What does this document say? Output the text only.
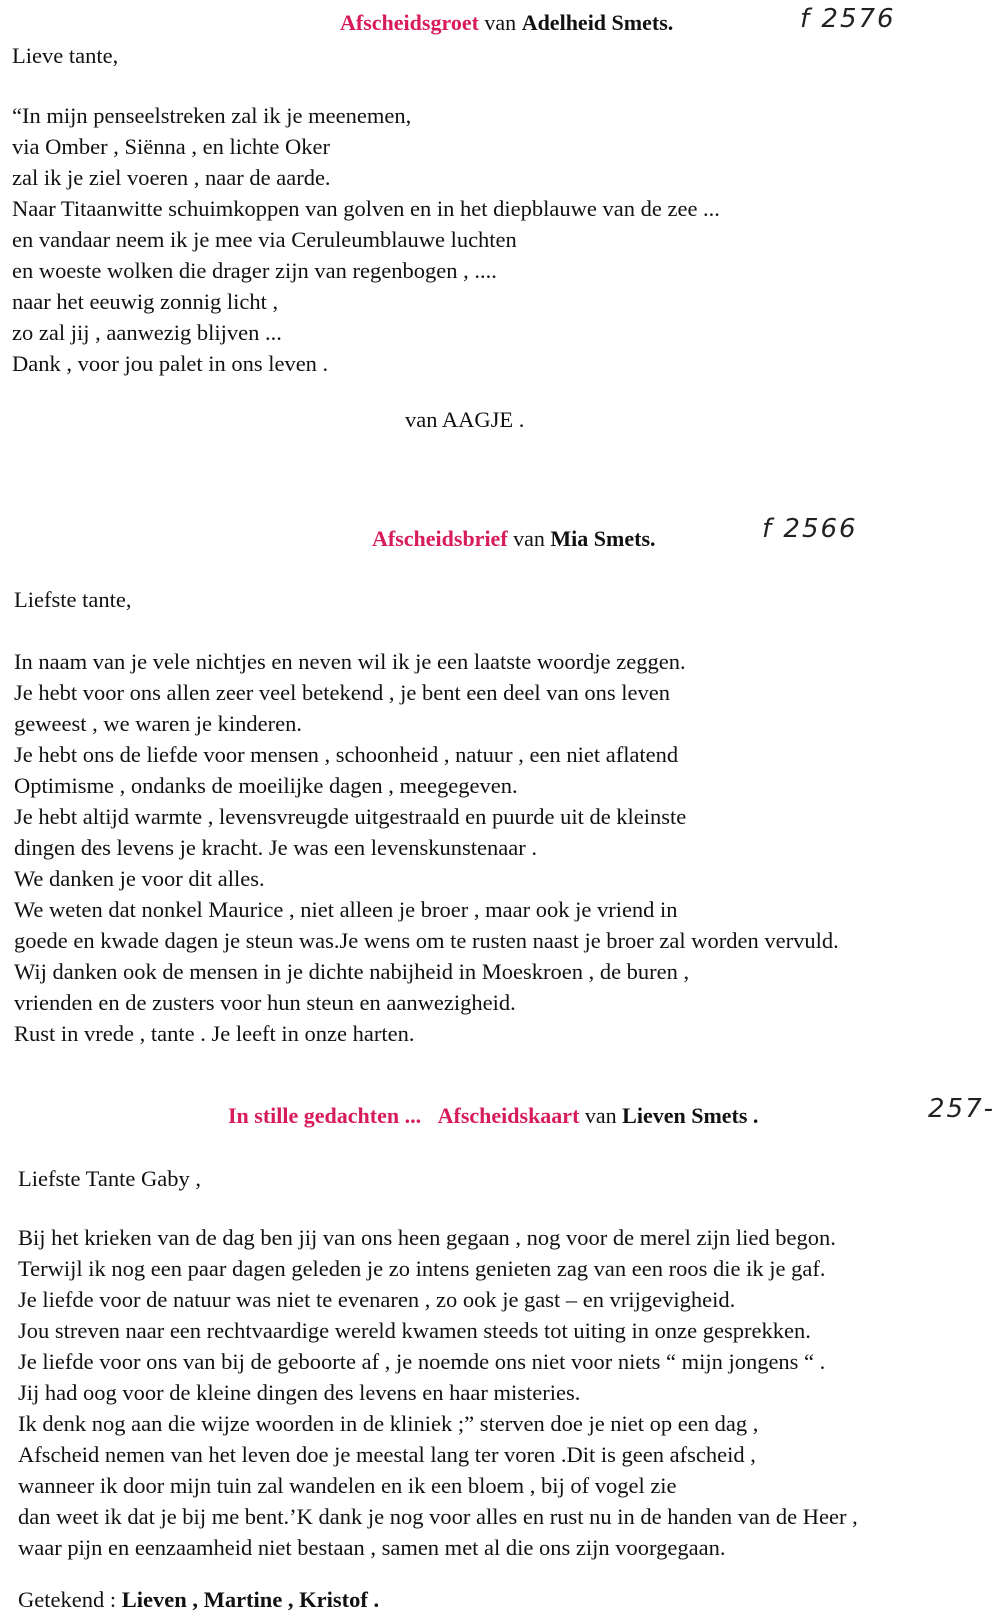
Afscheidsgroet van Adelheid Smets.	f 2576
Lieve tante,
“In mijn penseelstreken zal ik je meenemen,
via Omber , Siënna , en lichte Oker
zal ik je ziel voeren , naar de aarde.
Naar Titaanwitte schuimkoppen van golven en in het diepblauwe van de zee ...
en vandaar neem ik je mee via Ceruleumblauwe luchten
en woeste wolken die drager zijn van regenbogen , ....
naar het eeuwig zonnig licht ,
zo zal jij , aanwezig blijven ...
Dank , voor jou palet in ons leven .
van AAGJE .
Afscheidsbrief van Mia Smets.	f 2566
Liefste tante,
In naam van je vele nichtjes en neven wil ik je een laatste woordje zeggen.
Je hebt voor ons allen zeer veel betekend , je bent een deel van ons leven
geweest , we waren je kinderen.
Je hebt ons de liefde voor mensen , schoonheid , natuur , een niet aflatend
Optimisme , ondanks de moeilijke dagen , meegegeven.
Je hebt altijd warmte , levensvreugde uitgestraald en puurde uit de kleinste
dingen des levens je kracht. Je was een levenskunstenaar .
We danken je voor dit alles.
We weten dat nonkel Maurice , niet alleen je broer , maar ook je vriend in
goede en kwade dagen je steun was.Je wens om te rusten naast je broer zal worden vervuld.
Wij danken ook de mensen in je dichte nabijheid in Moeskroen , de buren ,
vrienden en de zusters voor hun steun en aanwezigheid.
Rust in vrede , tante . Je leeft in onze harten.
In stille gedachten ... Afscheidskaart van Lieven Smets .	257-
Liefste Tante Gaby ,
Bij het krieken van de dag ben jij van ons heen gegaan , nog voor de merel zijn lied begon.
Terwijl ik nog een paar dagen geleden je zo intens genieten zag van een roos die ik je gaf.
Je liefde voor de natuur was niet te evenaren , zo ook je gast – en vrijgevigheid.
Jou streven naar een rechtvaardige wereld kwamen steeds tot uiting in onze gesprekken.
Je liefde voor ons van bij de geboorte af , je noemde ons niet voor niets “ mijn jongens “ .
Jij had oog voor de kleine dingen des levens en haar misteries.
Ik denk nog aan die wijze woorden in de kliniek ;” sterven doe je niet op een dag ,
Afscheid nemen van het leven doe je meestal lang ter voren .Dit is geen afscheid ,
wanneer ik door mijn tuin zal wandelen en ik een bloem , bij of vogel zie
dan weet ik dat je bij me bent.’K dank je nog voor alles en rust nu in de handen van de Heer ,
waar pijn en eenzaamheid niet bestaan , samen met al die ons zijn voorgegaan.
Getekend : Lieven , Martine , Kristof .
